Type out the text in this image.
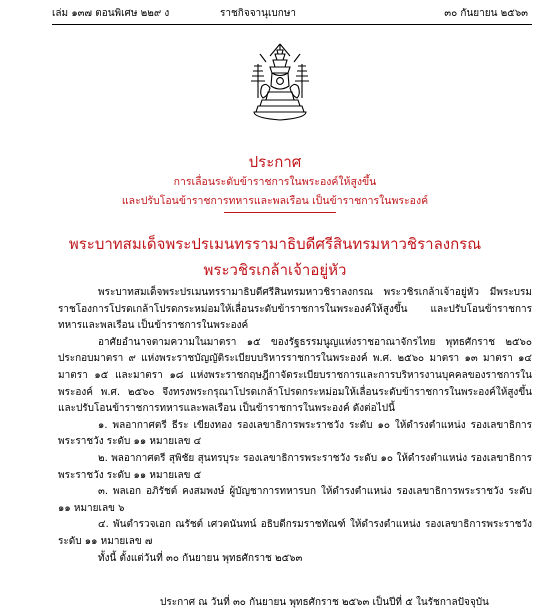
เล่ม ๑๓๗ ตอนพิเศษ ๒๒๙ ง	ราชกิจจานุเบกษา	๓๐ กันยายน ๒๕๖๓
ประกาศ
การเลื่อนระดับข้าราชการในพระองค์ให้สูงขึ้น
และปรับโอนข้าราชการทหารและพลเรือน เป็นข้าราชการในพระองค์
พระบาทสมเด็จพระปรเมนทรรามาธิบดีศรีสินทรมหาวชิราลงกรณ
พระวชิรเกล้าเจ้าอยู่หัว
พระบาทสมเด็จพระปรเมนทรรามาธิบดีศรีสินทรมหาวชิราลงกรณ พระวชิรเกล้าเจ้าอยู่หัว มีพระบรมราชโองการโปรดเกล้าโปรดกระหม่อมให้เลื่อนระดับข้าราชการในพระองค์ให้สูงขึ้น และปรับโอนข้าราชการทหารและพลเรือน เป็นข้าราชการในพระองค์
อาศัยอำนาจตามความในมาตรา ๑๕ ของรัฐธรรมนูญแห่งราชอาณาจักรไทย พุทธศักราช ๒๕๖๐ ประกอบมาตรา ๙ แห่งพระราชบัญญัติระเบียบบริหารราชการในพระองค์ พ.ศ. ๒๕๖๐ มาตรา ๑๓ มาตรา ๑๔ มาตรา ๑๕ และมาตรา ๑๘ แห่งพระราชกฤษฎีกาจัดระเบียบราชการและการบริหารงานบุคคลของราชการในพระองค์ พ.ศ. ๒๕๖๐ จึงทรงพระกรุณาโปรดเกล้าโปรดกระหม่อมให้เลื่อนระดับข้าราชการในพระองค์ให้สูงขึ้น และปรับโอนข้าราชการทหารและพลเรือน เป็นข้าราชการในพระองค์ ดังต่อไปนี้
๑. พลอากาศตรี ธีระ เขียงทอง รองเลขาธิการพระราชวัง ระดับ ๑๐ ให้ดำรงตำแหน่ง รองเลขาธิการพระราชวัง ระดับ ๑๑ หมายเลข ๔
๒. พลอากาศตรี สุพิชัย สุนทรบุระ รองเลขาธิการพระราชวัง ระดับ ๑๐ ให้ดำรงตำแหน่ง รองเลขาธิการพระราชวัง ระดับ ๑๑ หมายเลข ๕
๓. พลเอก อภิรัชต์ คงสมพงษ์ ผู้บัญชาการทหารบก ให้ดำรงตำแหน่ง รองเลขาธิการพระราชวัง ระดับ ๑๑ หมายเลข ๖
๔. พันตำรวจเอก ณรัชต์ เศวตนันทน์ อธิบดีกรมราชทัณฑ์ ให้ดำรงตำแหน่ง รองเลขาธิการพระราชวัง ระดับ ๑๑ หมายเลข ๗
ทั้งนี้ ตั้งแต่วันที่ ๓๐ กันยายน พุทธศักราช ๒๕๖๓
ประกาศ ณ วันที่ ๓๐ กันยายน พุทธศักราช ๒๕๖๓ เป็นปีที่ ๕ ในรัชกาลปัจจุบัน
